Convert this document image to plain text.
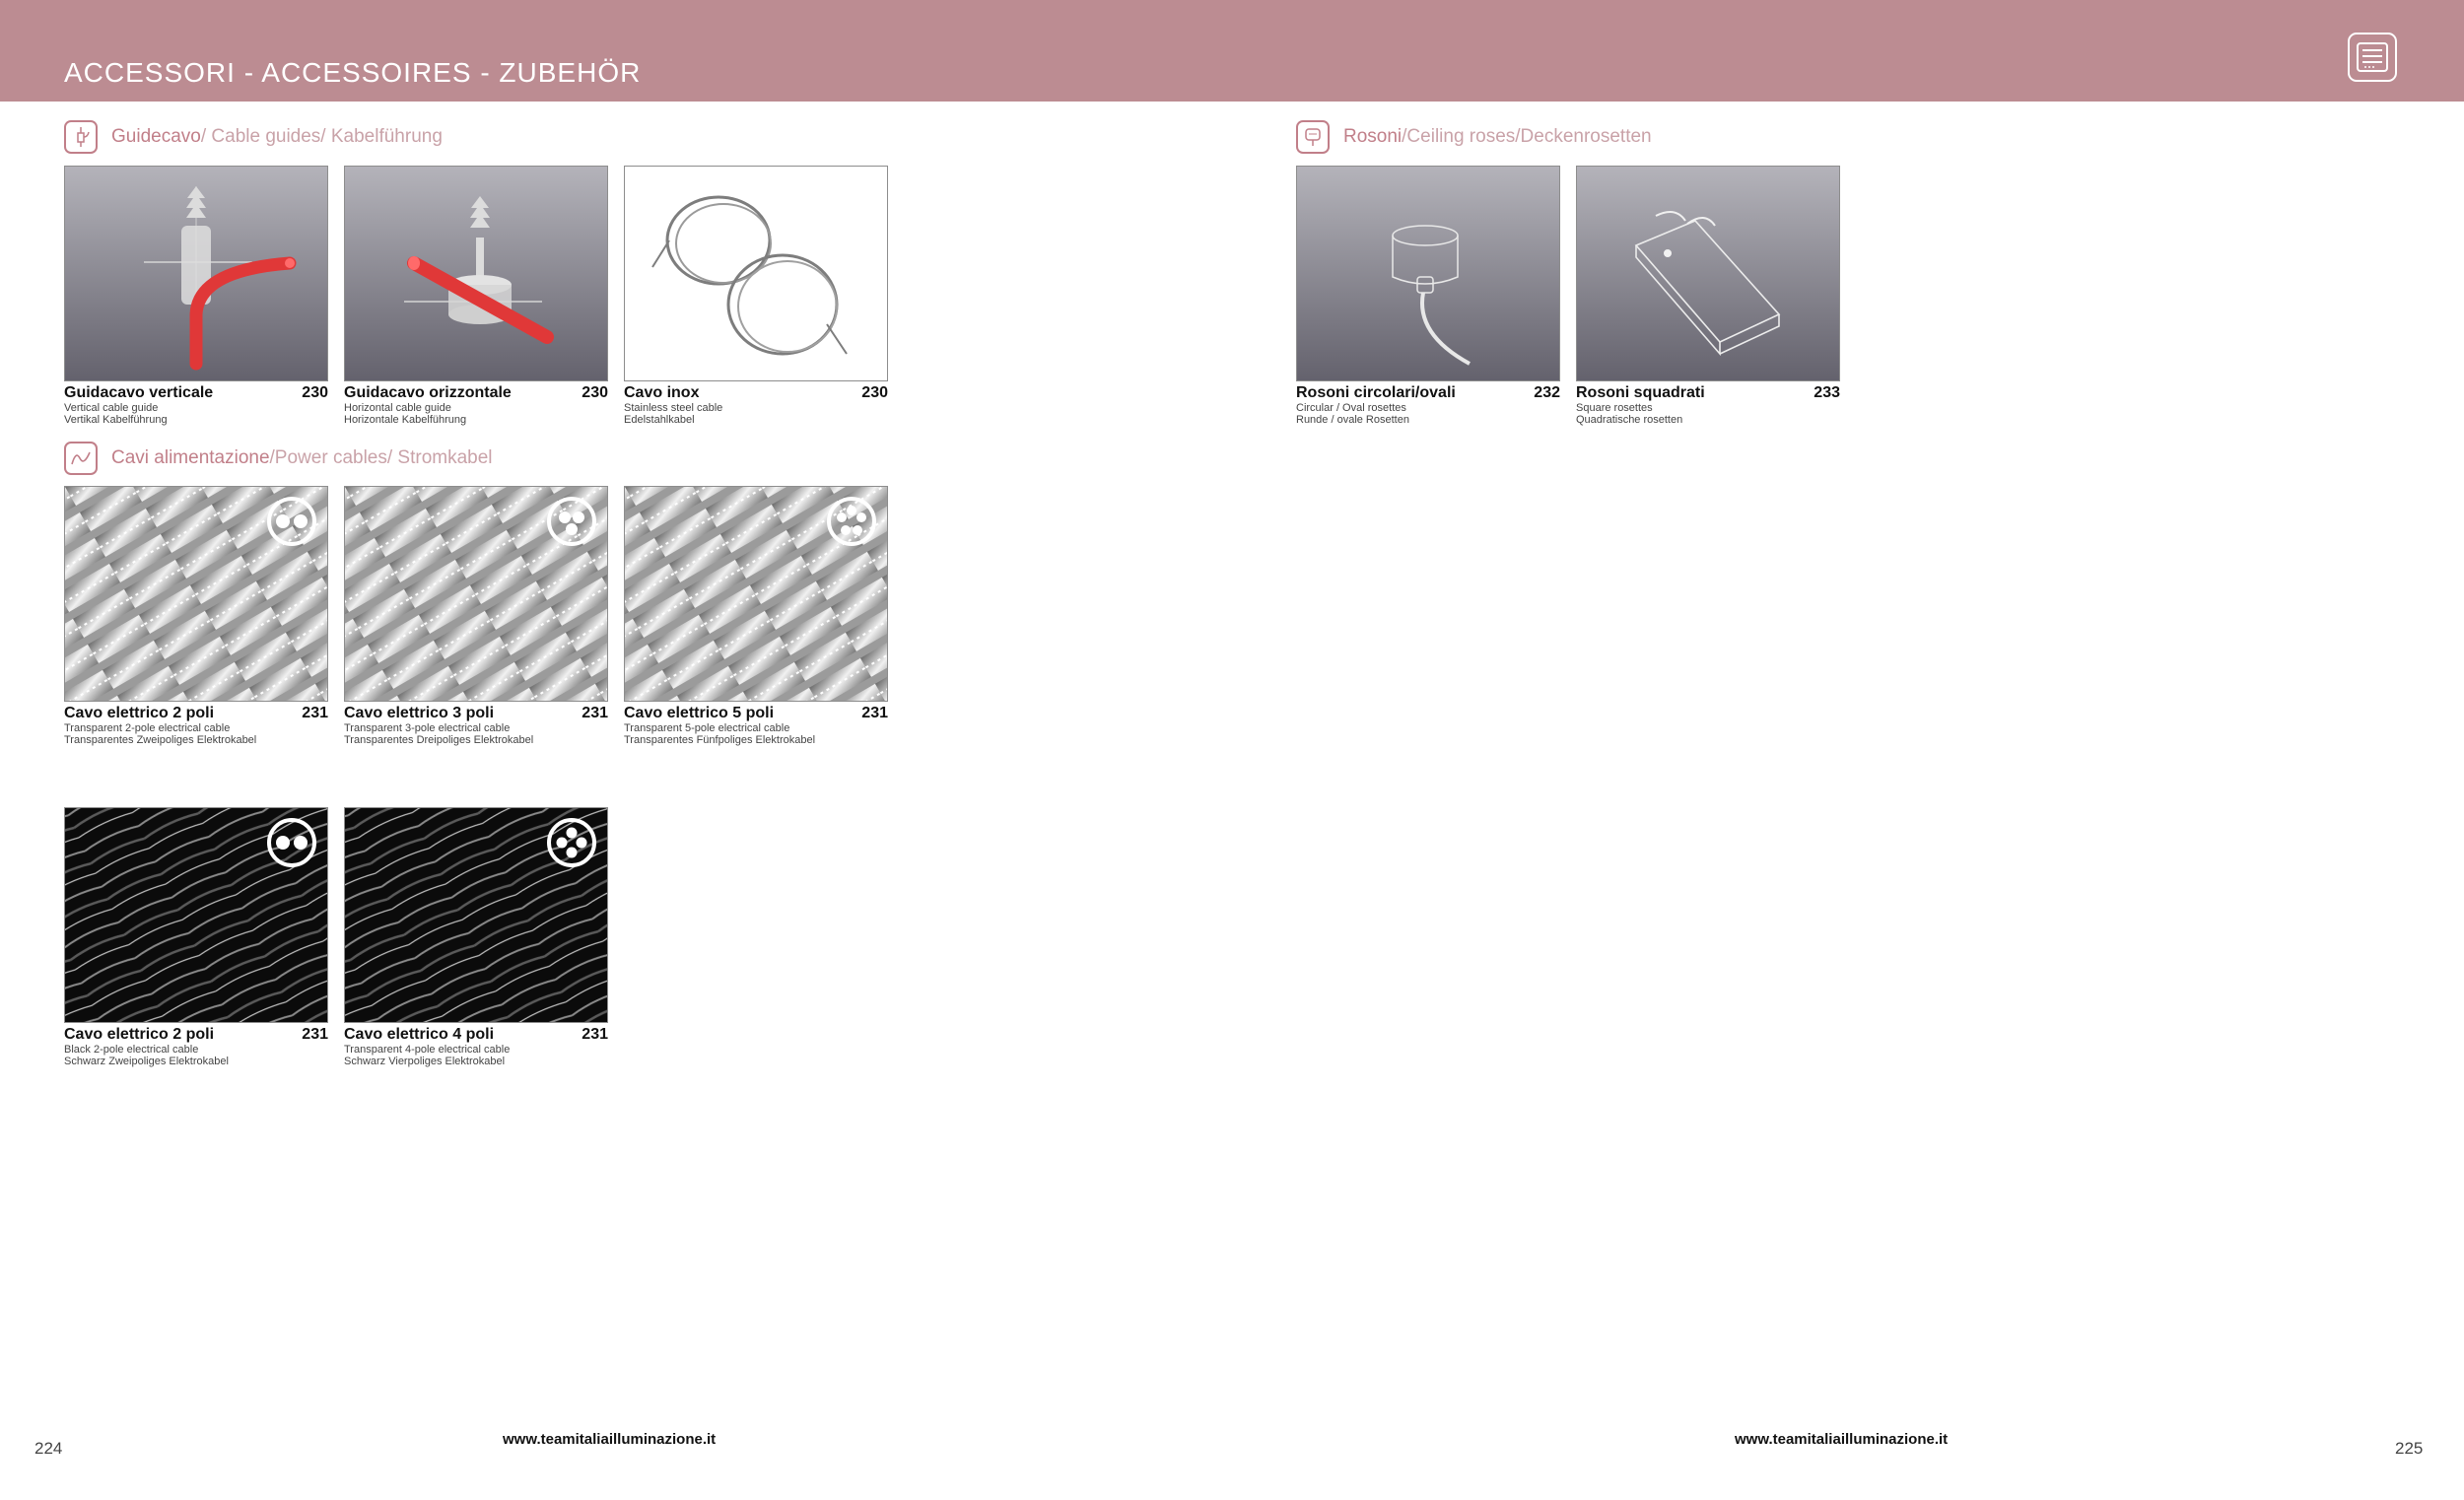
ACCESSORI - ACCESSOIRES - ZUBEHÖR
Guidecavo / Cable guides/ Kabelführung
Cavi alimentazione /Power cables/ Stromkabel
Rosoni /Ceiling roses/Deckenrosetten
Guidacavo verticale	230
Vertical cable guide
Vertikal Kabelführung
Guidacavo orizzontale	230
Horizontal cable guide
Horizontale Kabelführung
Cavo inox	230
Stainless steel cable
Edelstahlkabel
Cavo elettrico 2 poli	231
Transparent 2-pole electrical cable
Transparentes Zweipoliges Elektrokabel
Cavo elettrico 3 poli	231
Transparent 3-pole electrical cable
Transparentes Dreipoliges Elektrokabel
Cavo elettrico 5 poli	231
Transparent 5-pole electrical cable
Transparentes Fünfpoliges Elektrokabel
Cavo elettrico 2 poli	231
Black 2-pole electrical cable
Schwarz Zweipoliges Elektrokabel
Cavo elettrico 4 poli	231
Transparent 4-pole electrical cable
Schwarz Vierpoliges Elektrokabel
Rosoni circolari/ovali	232
Circular / Oval rosettes
Runde / ovale Rosetten
Rosoni squadrati	233
Square rosettes
Quadratische rosetten
www.teamitaliailluminazione.it	www.teamitaliailluminazione.it
224	225
